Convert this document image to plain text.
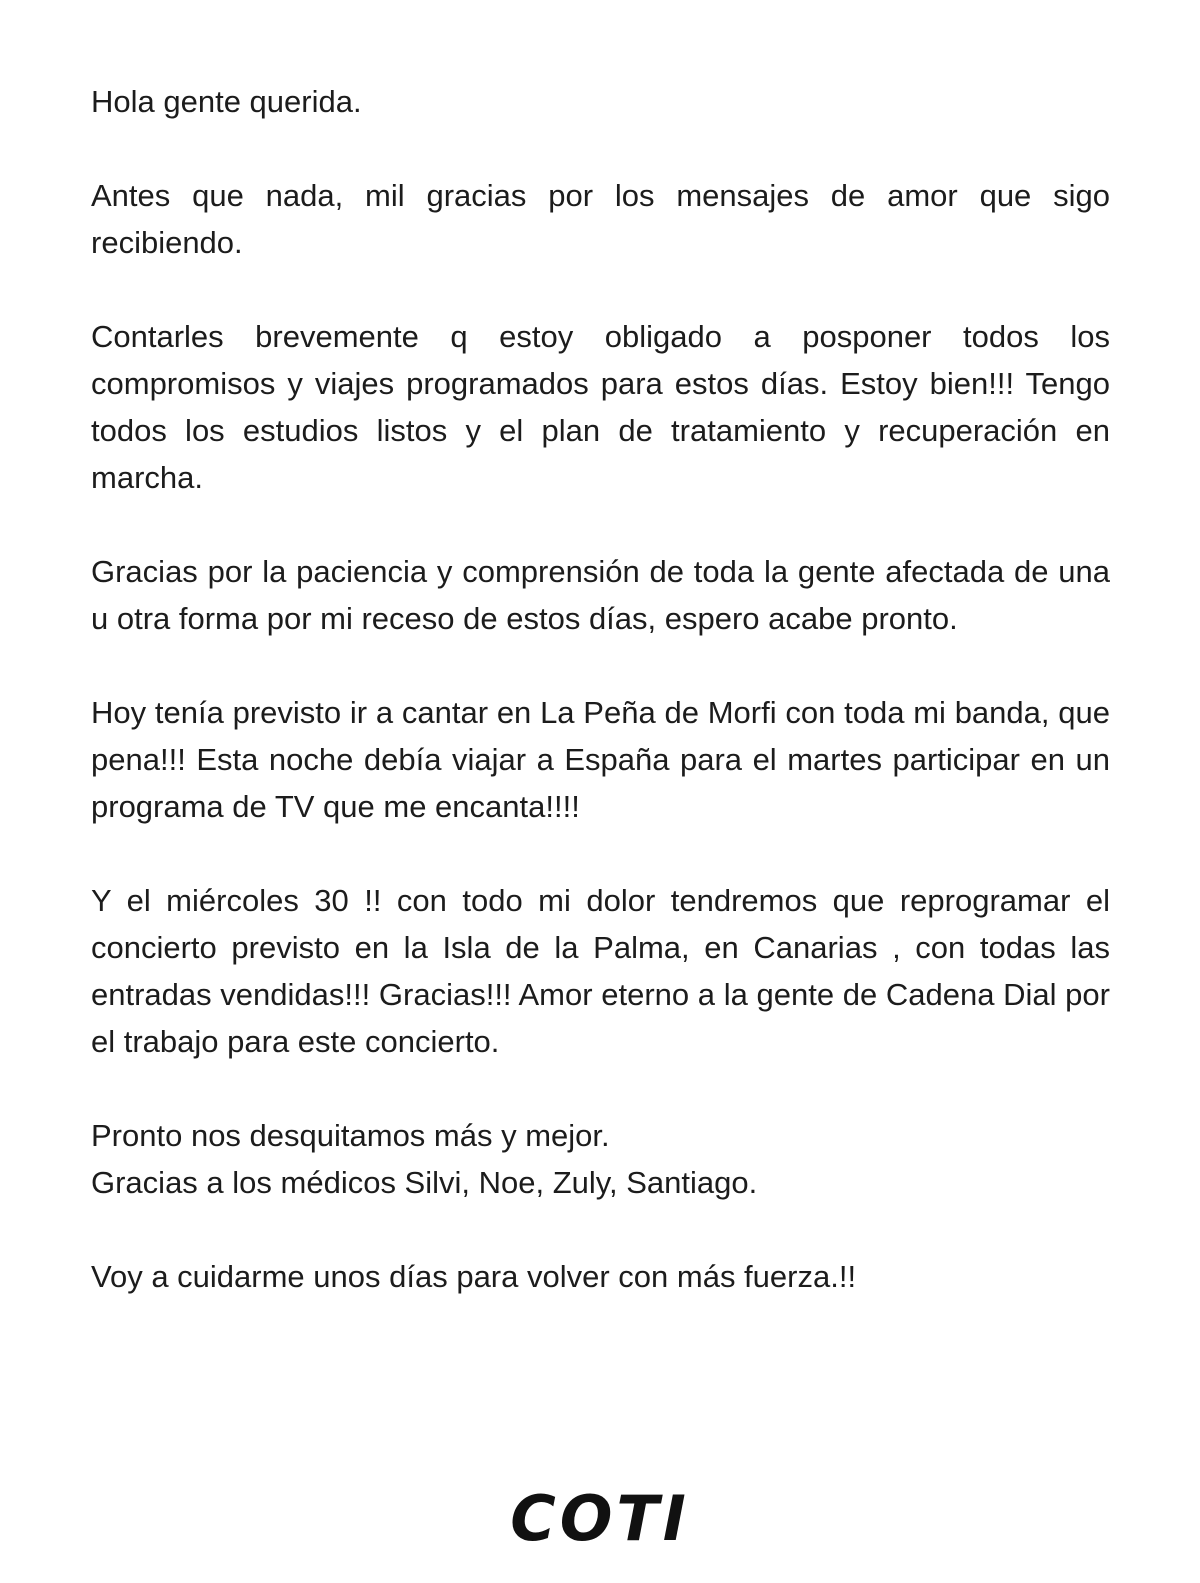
Hola gente querida.

Antes que nada, mil gracias por los mensajes de amor que sigo recibiendo.

Contarles brevemente q estoy obligado a posponer todos los compromisos y viajes programados para estos días. Estoy bien!!! Tengo todos los estudios listos y el plan de tratamiento y recuperación en marcha.

Gracias por la paciencia y comprensión de toda la gente afectada de una u otra forma por mi receso de estos días, espero acabe pronto.

Hoy tenía previsto ir a cantar en La Peña de Morfi con toda mi banda, que pena!!! Esta noche debía viajar a España para el martes participar en un programa de TV que me encanta!!!!

Y el miércoles 30 !! con todo mi dolor tendremos que reprogramar el concierto previsto en la Isla de la Palma, en Canarias , con todas las entradas vendidas!!! Gracias!!! Amor eterno a la gente de Cadena Dial por el trabajo para este concierto.

Pronto nos desquitamos más y mejor.
Gracias a los médicos Silvi, Noe, Zuly, Santiago.

Voy a cuidarme unos días para volver con más fuerza.!!

COTI
